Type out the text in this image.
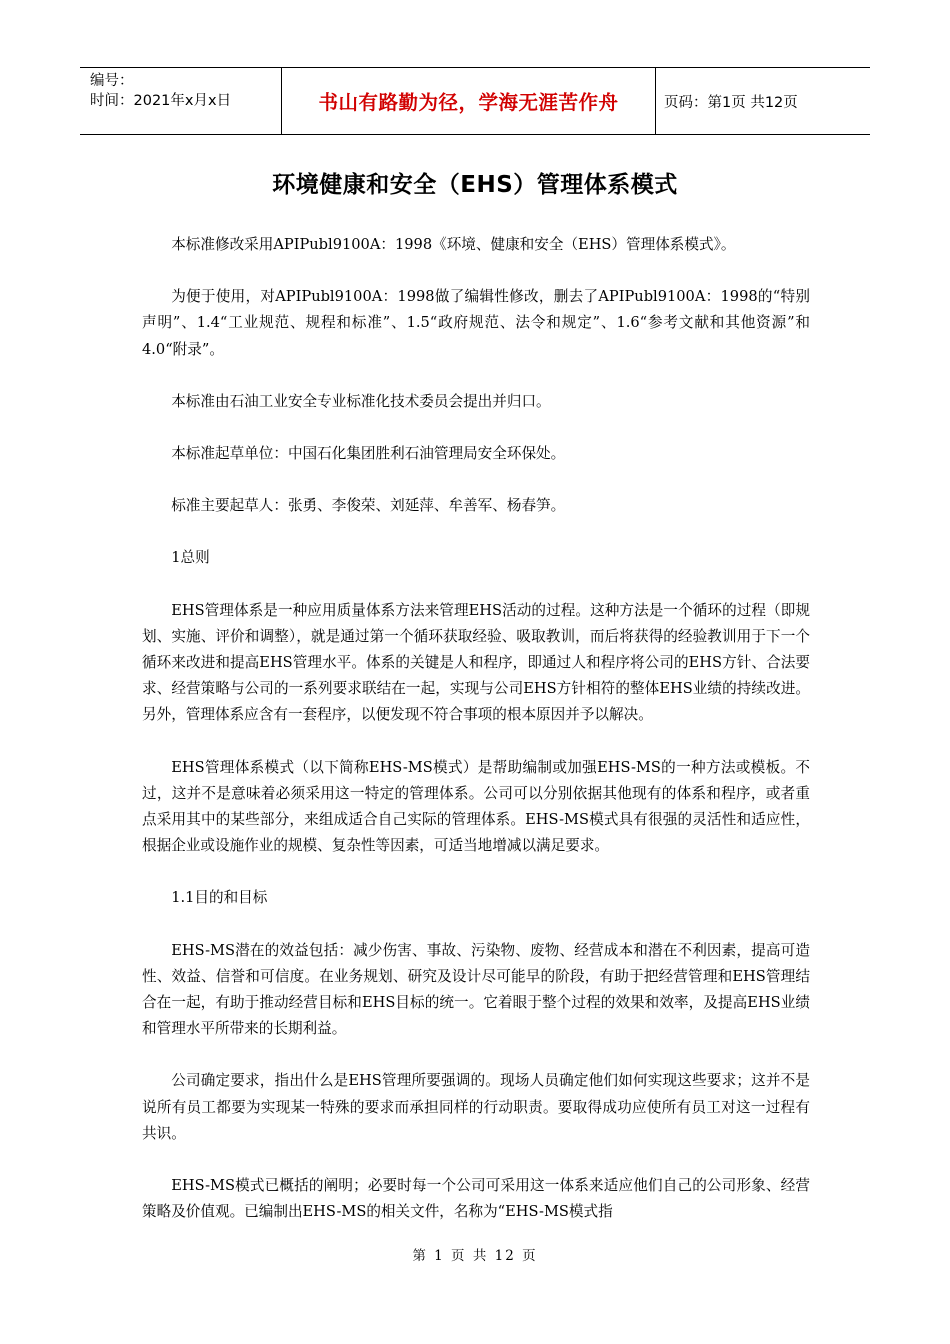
编号：
时间：2021年x月x日	书山有路勤为径，学海无涯苦作舟	页码：第1页 共12页
环境健康和安全（EHS）管理体系模式

本标准修改采用APIPubl9100A：1998《环境、健康和安全（EHS）管理体系模式》。

为便于使用，对APIPubl9100A：1998做了编辑性修改，删去了APIPubl9100A：1998的“特别声明”、1.4“工业规范、规程和标准”、1.5“政府规范、法令和规定”、1.6“参考文献和其他资源”和4.0“附录”。

本标准由石油工业安全专业标准化技术委员会提出并归口。

本标准起草单位：中国石化集团胜利石油管理局安全环保处。

标准主要起草人：张勇、李俊荣、刘延萍、牟善军、杨春笋。

1总则

EHS管理体系是一种应用质量体系方法来管理EHS活动的过程。这种方法是一个循环的过程（即规划、实施、评价和调整），就是通过第一个循环获取经验、吸取教训，而后将获得的经验教训用于下一个循环来改进和提高EHS管理水平。体系的关键是人和程序，即通过人和程序将公司的EHS方针、合法要求、经营策略与公司的一系列要求联结在一起，实现与公司EHS方针相符的整体EHS业绩的持续改进。另外，管理体系应含有一套程序，以便发现不符合事项的根本原因并予以解决。

EHS管理体系模式（以下简称EHS-MS模式）是帮助编制或加强EHS-MS的一种方法或模板。不过，这并不是意味着必须采用这一特定的管理体系。公司可以分别依据其他现有的体系和程序，或者重点采用其中的某些部分，来组成适合自己实际的管理体系。EHS-MS模式具有很强的灵活性和适应性，根据企业或设施作业的规模、复杂性等因素，可适当地增减以满足要求。

1.1目的和目标

EHS-MS潜在的效益包括：减少伤害、事故、污染物、废物、经营成本和潜在不利因素，提高可造性、效益、信誉和可信度。在业务规划、研究及设计尽可能早的阶段，有助于把经营管理和EHS管理结合在一起，有助于推动经营目标和EHS目标的统一。它着眼于整个过程的效果和效率，及提高EHS业绩和管理水平所带来的长期利益。

公司确定要求，指出什么是EHS管理所要强调的。现场人员确定他们如何实现这些要求；这并不是说所有员工都要为实现某一特殊的要求而承担同样的行动职责。要取得成功应使所有员工对这一过程有共识。

EHS-MS模式已概括的阐明；必要时每一个公司可采用这一体系来适应他们自己的公司形象、经营策略及价值观。已编制出EHS-MS的相关文件，名称为“EHS-MS模式指

第 1 页 共 12 页
